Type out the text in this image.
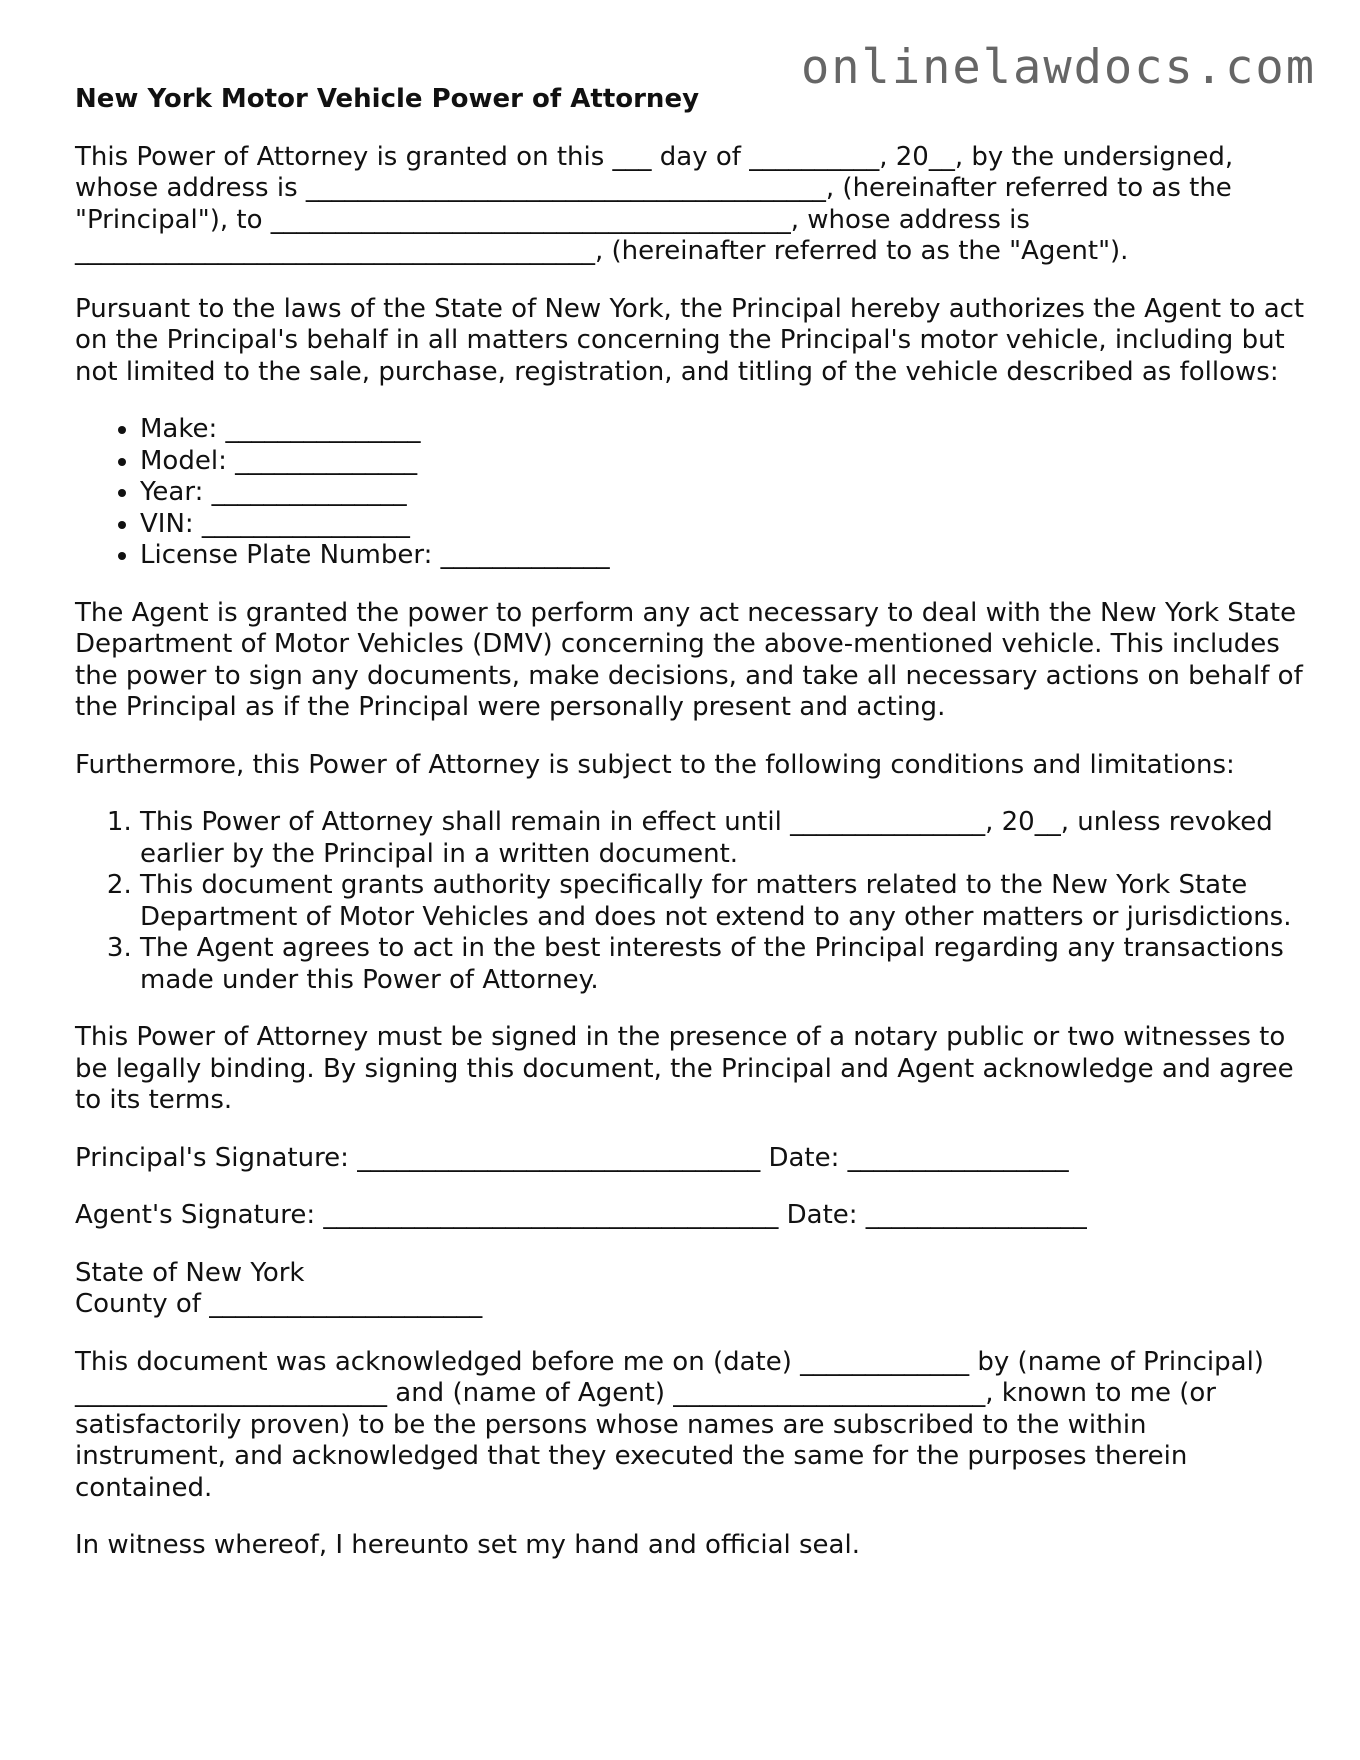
onlinelawdocs.com
New York Motor Vehicle Power of Attorney

This Power of Attorney is granted on this ___ day of __________, 20__, by the undersigned, whose address is ________________________________________, (hereinafter referred to as the "Principal"), to ________________________________________, whose address is ________________________________________, (hereinafter referred to as the "Agent").

Pursuant to the laws of the State of New York, the Principal hereby authorizes the Agent to act on the Principal's behalf in all matters concerning the Principal's motor vehicle, including but not limited to the sale, purchase, registration, and titling of the vehicle described as follows:

• Make: _______________
• Model: ______________
• Year: _______________
• VIN: ________________
• License Plate Number: _____________

The Agent is granted the power to perform any act necessary to deal with the New York State Department of Motor Vehicles (DMV) concerning the above-mentioned vehicle. This includes the power to sign any documents, make decisions, and take all necessary actions on behalf of the Principal as if the Principal were personally present and acting.

Furthermore, this Power of Attorney is subject to the following conditions and limitations:

1. This Power of Attorney shall remain in effect until _______________, 20__, unless revoked earlier by the Principal in a written document.
2. This document grants authority specifically for matters related to the New York State Department of Motor Vehicles and does not extend to any other matters or jurisdictions.
3. The Agent agrees to act in the best interests of the Principal regarding any transactions made under this Power of Attorney.

This Power of Attorney must be signed in the presence of a notary public or two witnesses to be legally binding. By signing this document, the Principal and Agent acknowledge and agree to its terms.

Principal's Signature: _______________________________ Date: _________________
Agent's Signature: ___________________________________ Date: _________________
State of New York
County of _____________________

This document was acknowledged before me on (date) _____________ by (name of Principal) ________________________ and (name of Agent) ________________________, known to me (or satisfactorily proven) to be the persons whose names are subscribed to the within instrument, and acknowledged that they executed the same for the purposes therein contained.

In witness whereof, I hereunto set my hand and official seal.
